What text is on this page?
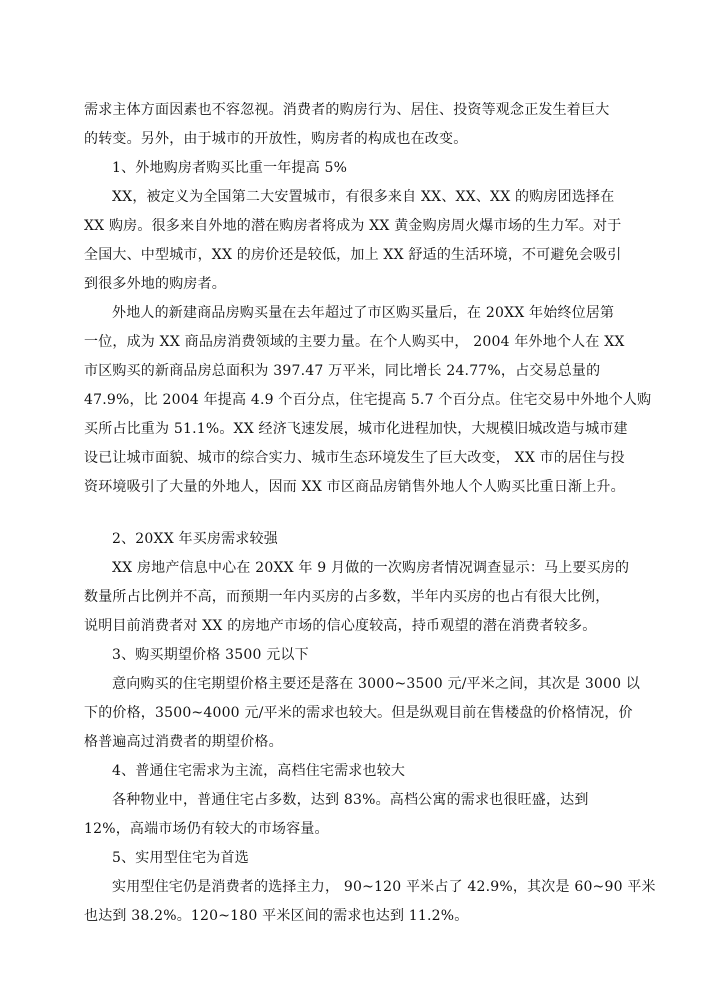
需求主体方面因素也不容忽视。消费者的购房行为、居住、投资等观念正发生着巨大
的转变。另外，由于城市的开放性，购房者的构成也在改变。
1、外地购房者购买比重一年提高 5%
XX，被定义为全国第二大安置城市，有很多来自 XX、XX、XX 的购房团选择在
XX 购房。很多来自外地的潜在购房者将成为 XX 黄金购房周火爆市场的生力军。对于
全国大、中型城市，XX 的房价还是较低，加上 XX 舒适的生活环境，不可避免会吸引
到很多外地的购房者。
外地人的新建商品房购买量在去年超过了市区购买量后，在 20XX 年始终位居第
一位，成为 XX 商品房消费领域的主要力量。在个人购买中， 2004 年外地个人在 XX
市区购买的新商品房总面积为 397.47 万平米，同比增长 24.77%，占交易总量的
47.9%，比 2004 年提高 4.9 个百分点，住宅提高 5.7 个百分点。住宅交易中外地个人购
买所占比重为 51.1%。XX 经济飞速发展，城市化进程加快，大规模旧城改造与城市建
设已让城市面貌、城市的综合实力、城市生态环境发生了巨大改变， XX 市的居住与投
资环境吸引了大量的外地人，因而 XX 市区商品房销售外地人个人购买比重日渐上升。
2、20XX 年买房需求较强
XX 房地产信息中心在 20XX 年 9 月做的一次购房者情况调查显示：马上要买房的
数量所占比例并不高，而预期一年内买房的占多数，半年内买房的也占有很大比例，
说明目前消费者对 XX 的房地产市场的信心度较高，持币观望的潜在消费者较多。
3、购买期望价格 3500 元以下
意向购买的住宅期望价格主要还是落在 3000~3500 元/平米之间，其次是 3000 以
下的价格，3500~4000 元/平米的需求也较大。但是纵观目前在售楼盘的价格情况，价
格普遍高过消费者的期望价格。
4、普通住宅需求为主流，高档住宅需求也较大
各种物业中，普通住宅占多数，达到 83%。高档公寓的需求也很旺盛，达到
12%，高端市场仍有较大的市场容量。
5、实用型住宅为首选
实用型住宅仍是消费者的选择主力， 90~120 平米占了 42.9%，其次是 60~90 平米
也达到 38.2%。120~180 平米区间的需求也达到 11.2%。
